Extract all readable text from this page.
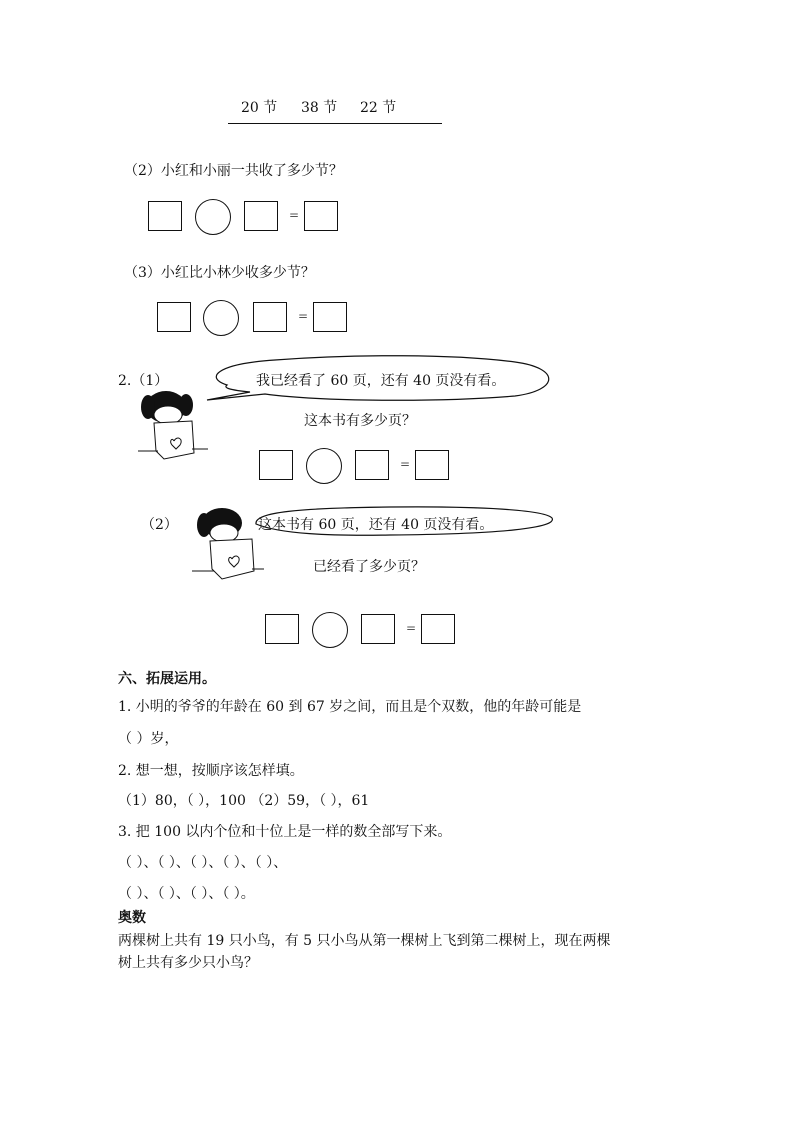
20 节 38 节 22 节
（2）小红和小丽一共收了多少节？
=
（3）小红比小林少收多少节？
=
2.（1）	我已经看了 60 页，还有 40 页没有看。
这本书有多少页？
=
（2）	这本书有 60 页，还有 40 页没有看。
已经看了多少页？
=
六、拓展运用。
1. 小明的爷爷的年龄在 60 到 67 岁之间，而且是个双数，他的年龄可能是
（ ）岁，
2. 想一想，按顺序该怎样填。
（1）80，（ ），100 （2）59，（ ），61
3. 把 100 以内个位和十位上是一样的数全部写下来。
（ ）、（ ）、（ ）、（ ）、（ ）、
（ ）、（ ）、（ ）、（ ）。
奥数
两棵树上共有 19 只小鸟，有 5 只小鸟从第一棵树上飞到第二棵树上，现在两棵
树上共有多少只小鸟？
